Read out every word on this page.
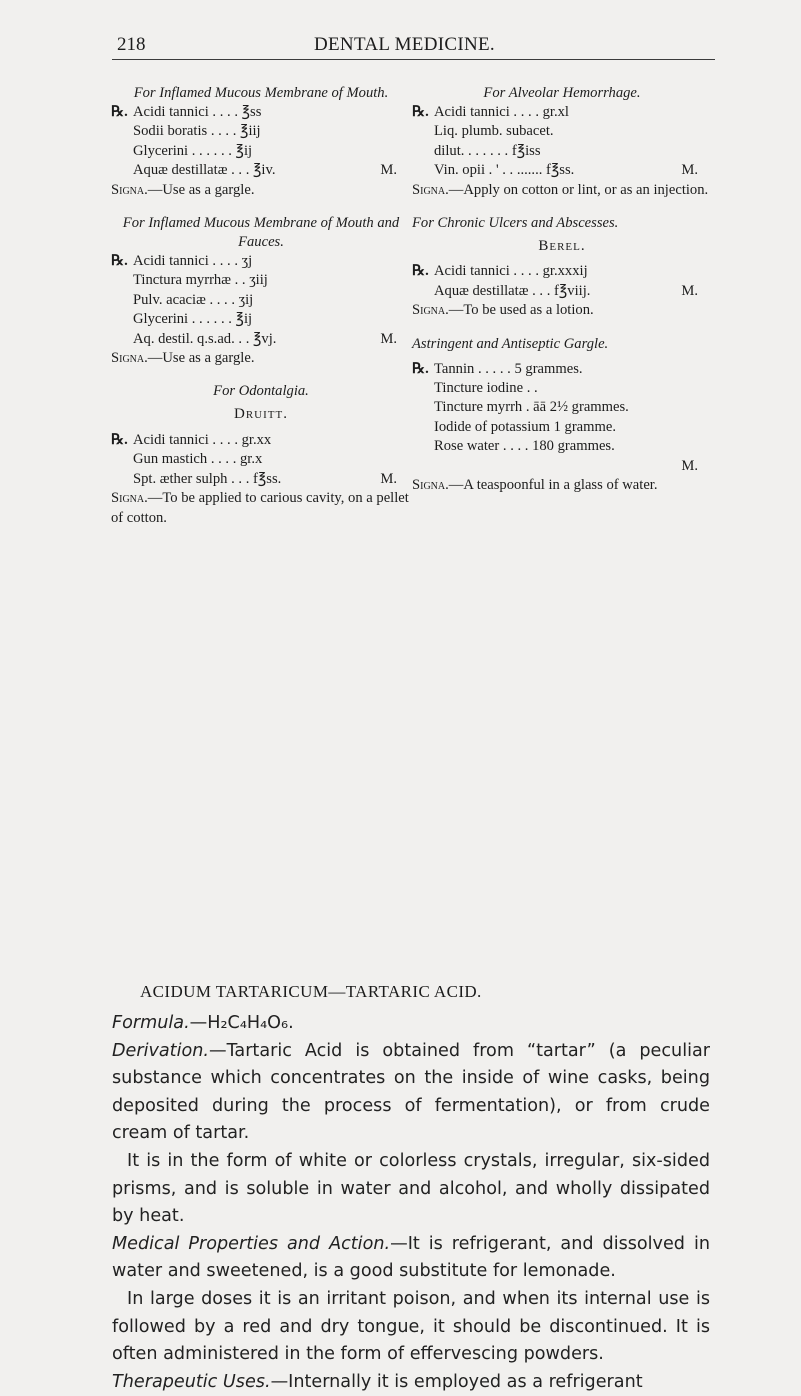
218	DENTAL MEDICINE.
For Inflamed Mucous Membrane of Mouth.
℞. Acidi tannici . . . . ℥ss
Sodii boratis . . . . ℥iij
Glycerini . . . . . . ℥ij
Aquæ destillatæ . . . ℥iv.	M.
Signa.—Use as a gargle.
For Inflamed Mucous Membrane of Mouth and Fauces.
℞. Acidi tannici . . . . ʒj
Tinctura myrrhæ . . ʒiij
Pulv. acaciæ . . . . ʒij
Glycerini . . . . . . ℥ij
Aq. destil. q.s.ad. . . ℥vj.	M.
Signa.—Use as a gargle.
For Odontalgia.
Druitt.
℞. Acidi tannici . . . . gr.xx
Gun mastich . . . . gr.x
Spt. æther sulph . . . f℥ss.	M.
Signa.—To be applied to carious cavity, on a pellet of cotton.
For Alveolar Hemorrhage.
℞. Acidi tannici . . . . gr.xl
Liq. plumb. subacet.
dilut. . . . . . . f℥iss
Vin. opii . ' . . ....... f℥ss.	M.
Signa.—Apply on cotton or lint, or as an injection.
For Chronic Ulcers and Abscesses.
Berel.
℞. Acidi tannici . . . . gr.xxxij
Aquæ destillatæ . . . f℥viij.	M.
Signa.—To be used as a lotion.
Astringent and Antiseptic Gargle.
℞. Tannin . . . . . 5 grammes.
Tincture iodine . .
Tincture myrrh . āā 2½ grammes.
Iodide of potassium 1 gramme.
Rose water . . . . 180 grammes.
M.
Signa.—A teaspoonful in a glass of water.
ACIDUM TARTARICUM—TARTARIC ACID.

Formula.—H₂C₄H₄O₆.

Derivation.—Tartaric Acid is obtained from “tartar” (a peculiar substance which concentrates on the inside of wine casks, being deposited during the process of fermentation), or from crude cream of tartar.

It is in the form of white or colorless crystals, irregular, six-sided prisms, and is soluble in water and alcohol, and wholly dissipated by heat.

Medical Properties and Action.—It is refrigerant, and dissolved in water and sweetened, is a good substitute for lemonade.

In large doses it is an irritant poison, and when its internal use is followed by a red and dry tongue, it should be discontinued. It is often administered in the form of effervescing powders.

Therapeutic Uses.—Internally it is employed as a refrigerant
